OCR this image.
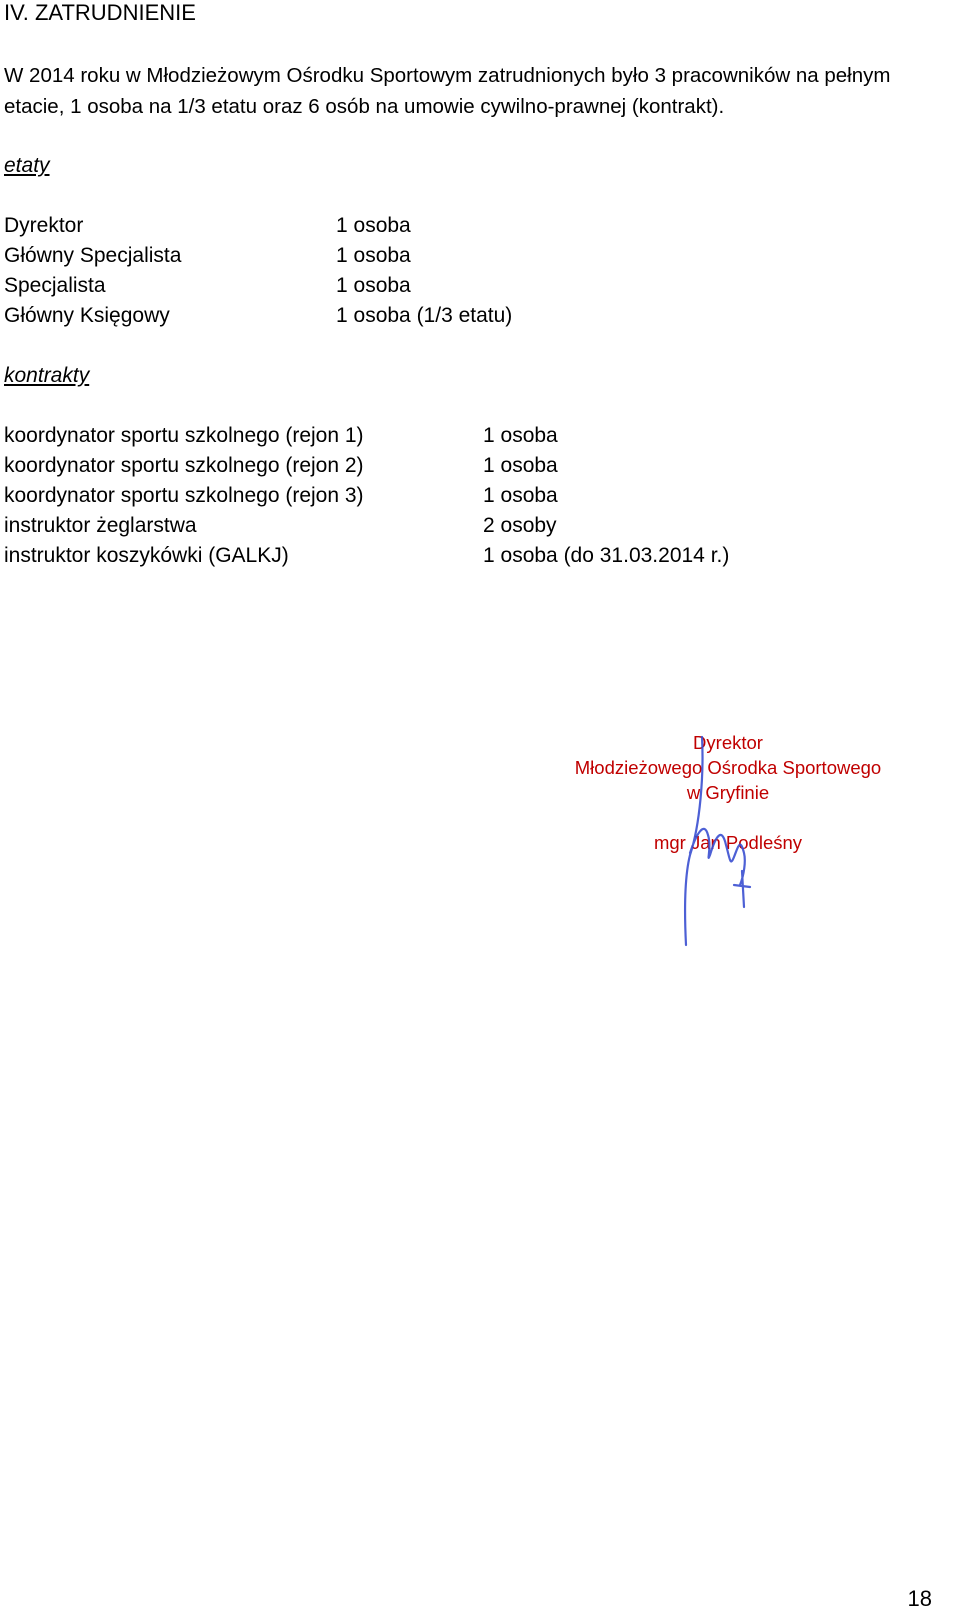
IV. ZATRUDNIENIE
W 2014 roku w Młodzieżowym Ośrodku Sportowym zatrudnionych było 3 pracowników na pełnym etacie, 1 osoba na 1/3 etatu oraz 6 osób na umowie cywilno-prawnej (kontrakt).
etaty
Dyrektor	1 osoba
Główny Specjalista	1 osoba
Specjalista	1 osoba
Główny Księgowy	1 osoba (1/3 etatu)
kontrakty
koordynator sportu szkolnego (rejon 1)	1 osoba
koordynator sportu szkolnego (rejon 2)	1 osoba
koordynator sportu szkolnego (rejon 3)	1 osoba
instruktor żeglarstwa	2 osoby
instruktor koszykówki (GALKJ)	1 osoba (do 31.03.2014 r.)
Dyrektor
Młodzieżowego Ośrodka Sportowego
w Gryfinie
mgr Jan Podleśny
18
